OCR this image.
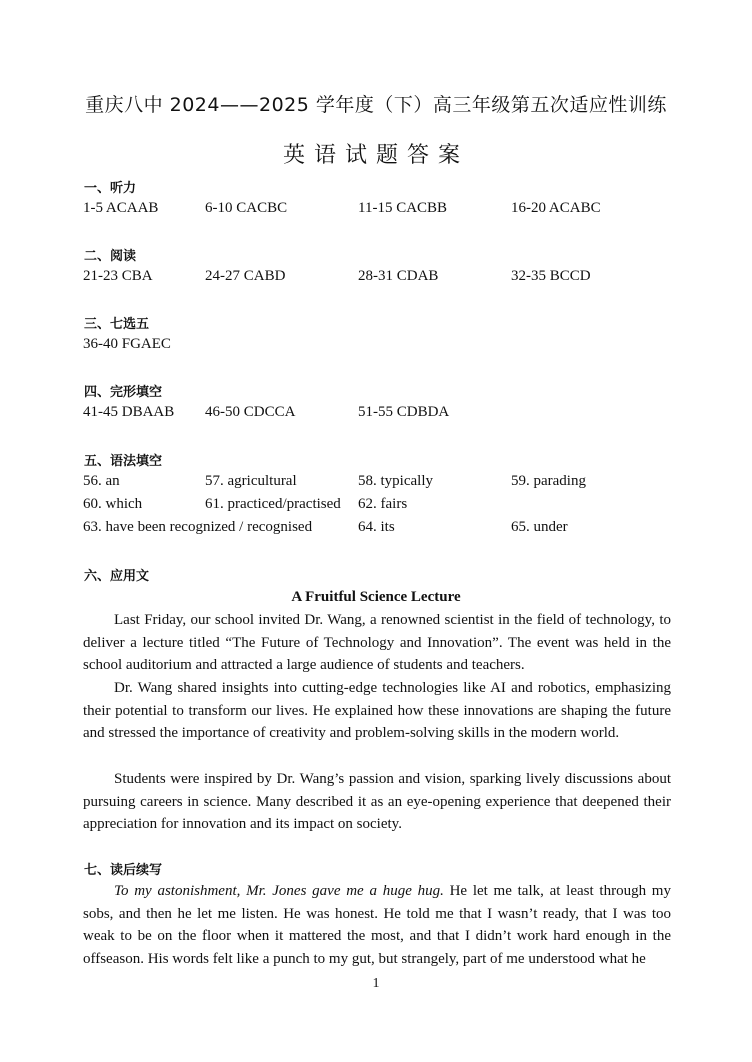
重庆八中 2024——2025 学年度（下）高三年级第五次适应性训练
英语试题答案
一、听力
1-5 ACAAB	6-10 CACBC	11-15 CACBB	16-20 ACABC
二、阅读
21-23 CBA	24-27 CABD	28-31 CDAB	32-35 BCCD
三、七选五
36-40 FGAEC
四、完形填空
41-45 DBAAB 46-50 CDCCA	51-55 CDBDA
五、语法填空
56. an	57. agricultural	58. typically	59. parading
60. which	61. practiced/practised 62. fairs
63. have been recognized / recognised	64. its	65. under
六、应用文
A Fruitful Science Lecture
Last Friday, our school invited Dr. Wang, a renowned scientist in the field of technology, to deliver a lecture titled “The Future of Technology and Innovation”. The event was held in the school auditorium and attracted a large audience of students and teachers.
Dr. Wang shared insights into cutting-edge technologies like AI and robotics, emphasizing their potential to transform our lives. He explained how these innovations are shaping the future and stressed the importance of creativity and problem-solving skills in the modern world.
Students were inspired by Dr. Wang’s passion and vision, sparking lively discussions about pursuing careers in science. Many described it as an eye-opening experience that deepened their appreciation for innovation and its impact on society.
七、读后续写
To my astonishment, Mr. Jones gave me a huge hug. He let me talk, at least through my sobs, and then he let me listen. He was honest. He told me that I wasn’t ready, that I was too weak to be on the floor when it mattered the most, and that I didn’t work hard enough in the offseason. His words felt like a punch to my gut, but strangely, part of me understood what he
1
